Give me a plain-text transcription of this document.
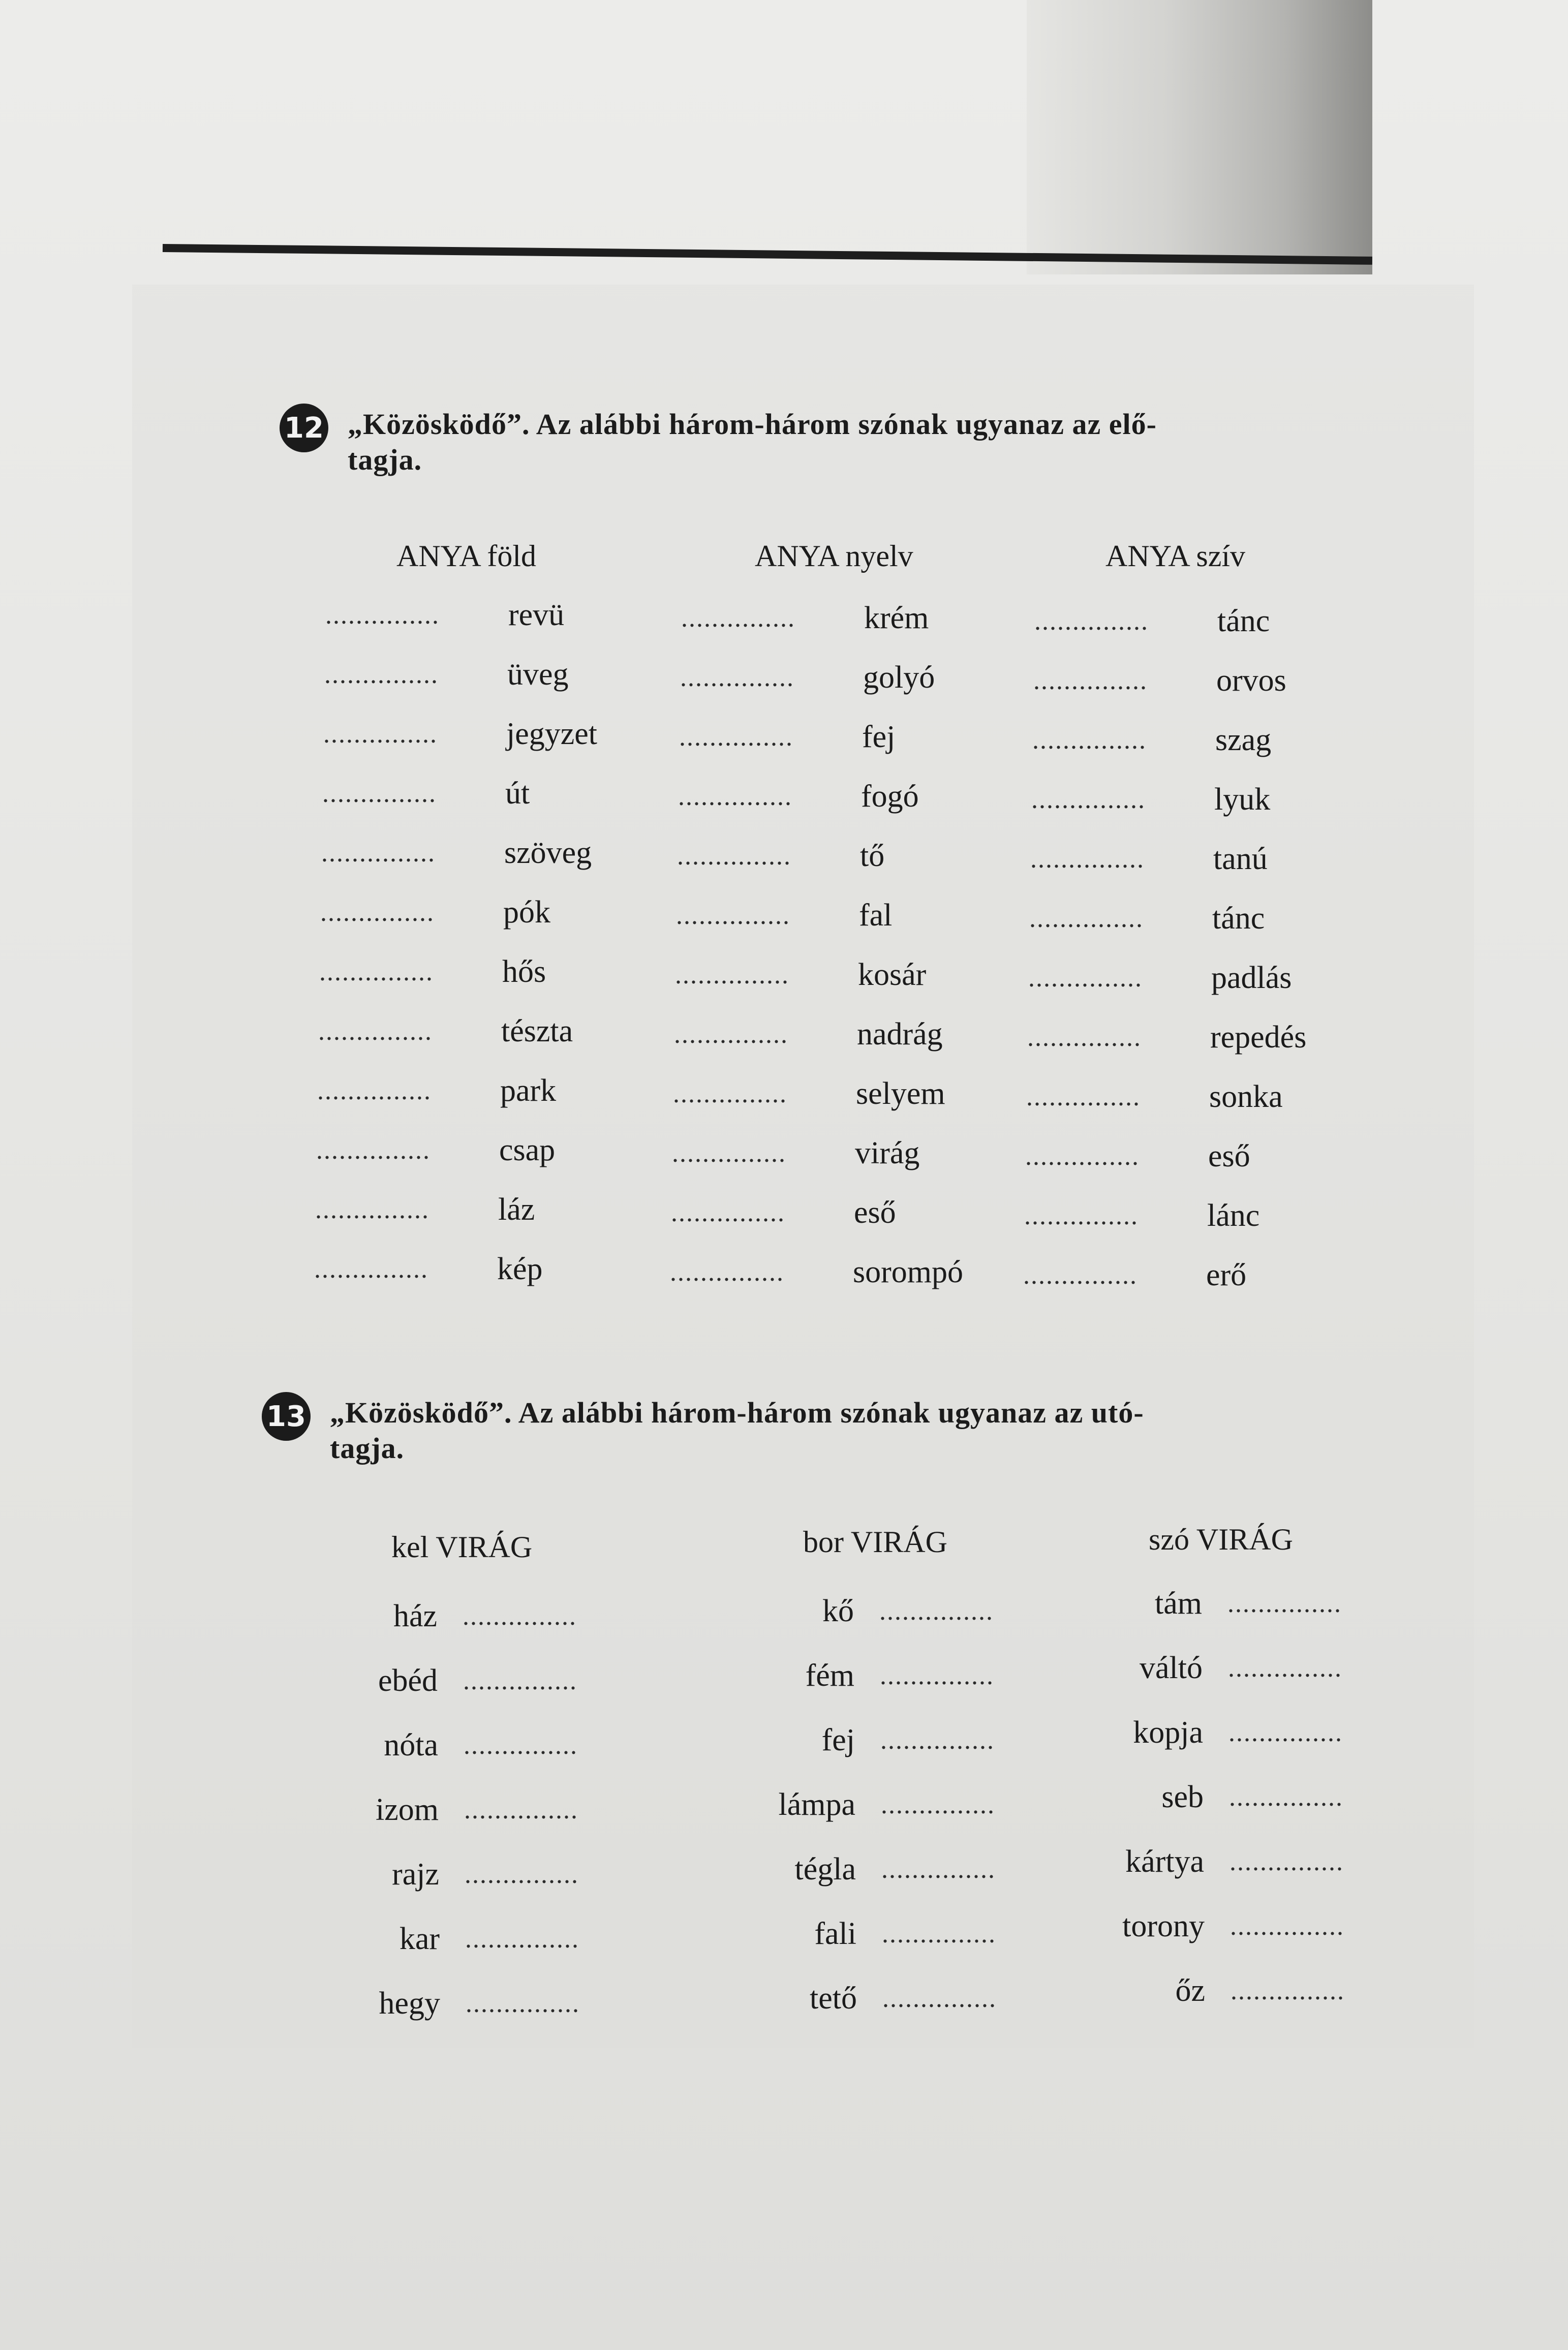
12 „Közösködő”. Az alábbi három-három szónak ugyanaz az elő-
tagja.
ANYA föld
...............	revü
...............	üveg
...............	jegyzet
...............	út
...............	szöveg
...............	pók
...............	hős
...............	tészta
...............	park
...............	csap
...............	láz
...............	kép
ANYA nyelv
...............	krém
...............	golyó
...............	fej
...............	fogó
...............	tő
...............	fal
...............	kosár
...............	nadrág
...............	selyem
...............	virág
...............	eső
...............	sorompó
ANYA szív
...............	tánc
...............	orvos
...............	szag
...............	lyuk
...............	tanú
...............	tánc
...............	padlás
...............	repedés
...............	sonka
...............	eső
...............	lánc
...............	erő
13 „Közösködő”. Az alábbi három-három szónak ugyanaz az utó-
tagja.
kel VIRÁG
ház ...............
ebéd ...............
nóta ...............
izom ...............
rajz ...............
kar ...............
hegy ...............
bor VIRÁG
kő ...............
fém ...............
fej ...............
lámpa ...............
tégla ...............
fali ...............
tető ...............
szó VIRÁG
tám ...............
váltó ...............
kopja ...............
seb ...............
kártya ...............
torony ...............
őz ...............
